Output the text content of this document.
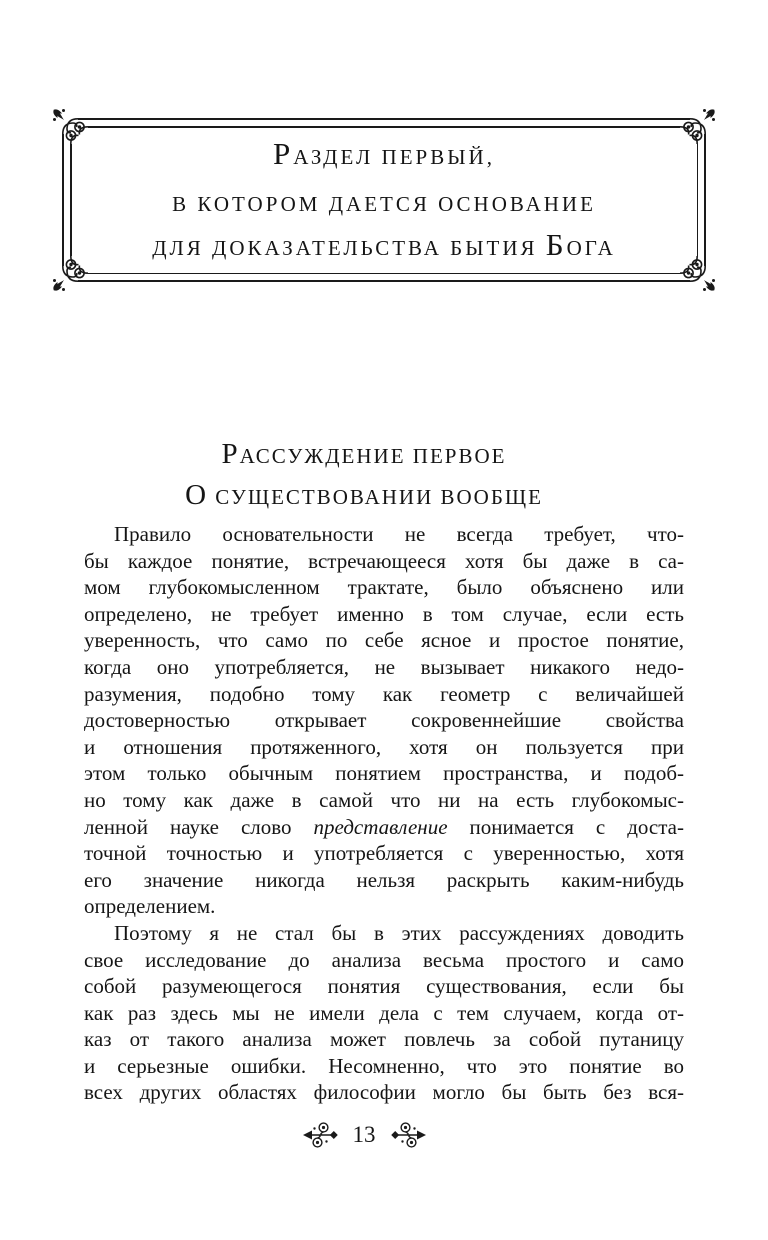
РАЗДЕЛ ПЕРВЫЙ,
В КОТОРОМ ДАЕТСЯ ОСНОВАНИЕ
ДЛЯ ДОКАЗАТЕЛЬСТВА БЫТИЯ БОГА
РАССУЖДЕНИЕ ПЕРВОЕ
О СУЩЕСТВОВАНИИ ВООБЩЕ
Правило основательности не всегда требует, что-
бы каждое понятие, встречающееся хотя бы даже в са-
мом глубокомысленном трактате, было объяснено или
определено, не требует именно в том случае, если есть
уверенность, что само по себе ясное и простое понятие,
когда оно употребляется, не вызывает никакого недо-
разумения, подобно тому как геометр с величайшей
достоверностью открывает сокровеннейшие свойства
и отношения протяженного, хотя он пользуется при
этом только обычным понятием пространства, и подоб-
но тому как даже в самой что ни на есть глубокомыс-
ленной науке слово представление понимается с доста-
точной точностью и употребляется с уверенностью, хотя
его значение никогда нельзя раскрыть каким-нибудь
определением.
Поэтому я не стал бы в этих рассуждениях доводить
свое исследование до анализа весьма простого и само
собой разумеющегося понятия существования, если бы
как раз здесь мы не имели дела с тем случаем, когда от-
каз от такого анализа может повлечь за собой путаницу
и серьезные ошибки. Несомненно, что это понятие во
всех других областях философии могло бы быть без вся-
13
